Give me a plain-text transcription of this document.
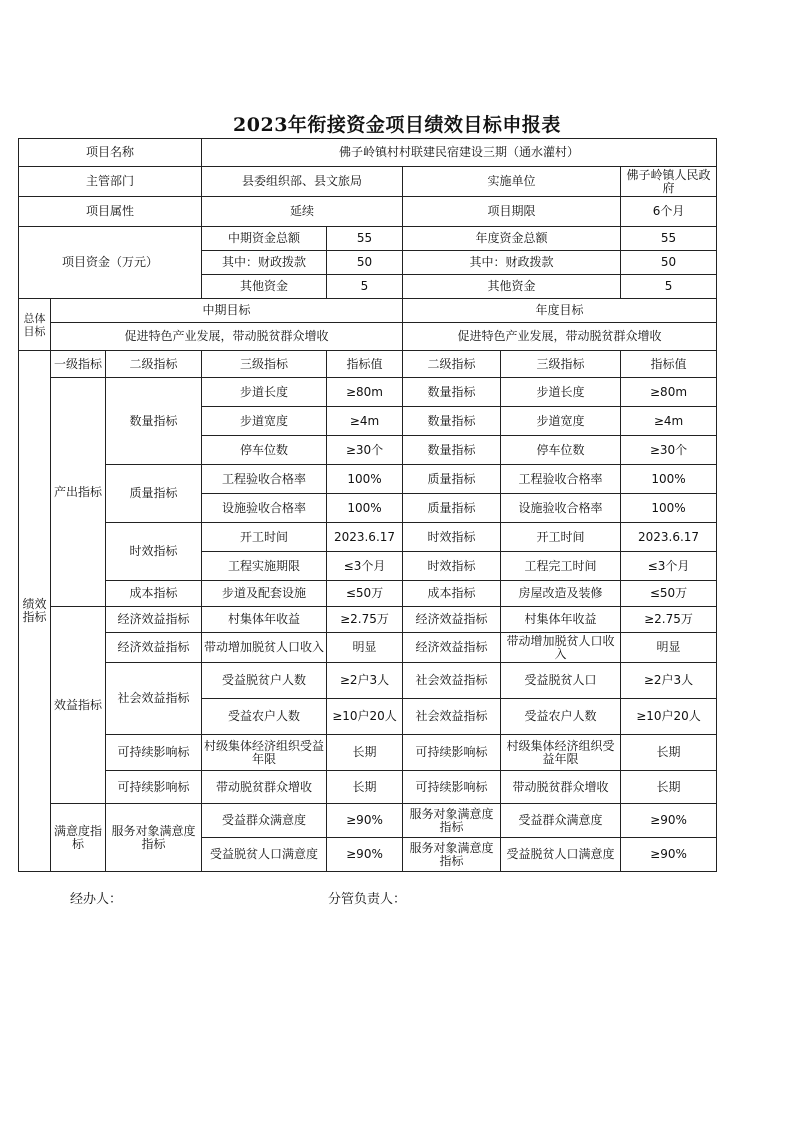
2023年衔接资金项目绩效目标申报表
项目名称			佛子岭镇村村联建民宿建设三期（通水灌村）				
主管部门			县委组织部、县文旅局		实施单位		佛子岭镇人民政府
项目属性			延续		项目期限		6个月
项目资金（万元）			中期资金总额	55	年度资金总额		55
			其中：财政拨款	50	其中：财政拨款		50
			其他资金	5	其他资金		5
总体目标	中期目标				年度目标		
	促进特色产业发展，带动脱贫群众增收				促进特色产业发展，带动脱贫群众增收		
绩效指标	一级指标	二级指标	三级指标	指标值	二级指标	三级指标	指标值
	产出指标	数量指标	步道长度	≥80m	数量指标	步道长度	≥80m
			步道宽度	≥4m	数量指标	步道宽度	≥4m
			停车位数	≥30个	数量指标	停车位数	≥30个
		质量指标	工程验收合格率	100%	质量指标	工程验收合格率	100%
			设施验收合格率	100%	质量指标	设施验收合格率	100%
		时效指标	开工时间	2023.6.17	时效指标	开工时间	2023.6.17
			工程实施期限	≤3个月	时效指标	工程完工时间	≤3个月
		成本指标	步道及配套设施	≤50万	成本指标	房屋改造及装修	≤50万
	效益指标	经济效益指标	村集体年收益	≥2.75万	经济效益指标	村集体年收益	≥2.75万
		经济效益指标	带动增加脱贫人口收入	明显	经济效益指标	带动增加脱贫人口收入	明显
		社会效益指标	受益脱贫户人数	≥2户3人	社会效益指标	受益脱贫人口	≥2户3人
			受益农户人数	≥10户20人	社会效益指标	受益农户人数	≥10户20人
		可持续影响标	村级集体经济组织受益年限	长期	可持续影响标	村级集体经济组织受益年限	长期
		可持续影响标	带动脱贫群众增收	长期	可持续影响标	带动脱贫群众增收	长期
	满意度指标	服务对象满意度指标	受益群众满意度	≥90%	服务对象满意度指标	受益群众满意度	≥90%
			受益脱贫人口满意度	≥90%	服务对象满意度指标	受益脱贫人口满意度	≥90%
经办人：	分管负责人：
